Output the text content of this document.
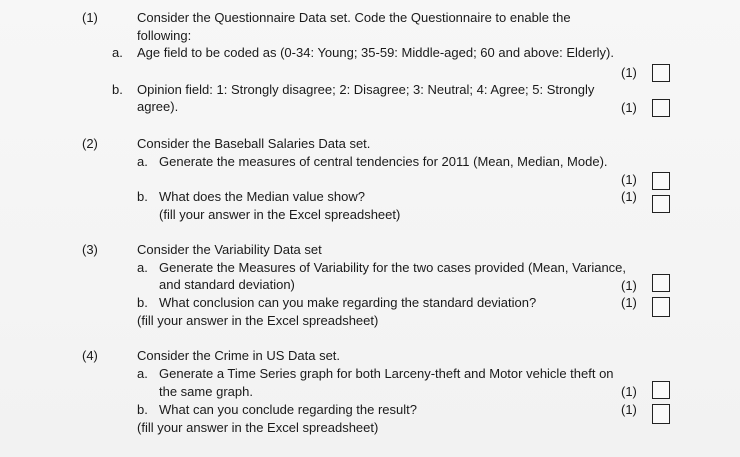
(1)	Consider the Questionnaire Data set. Code the Questionnaire to enable the
following:
a. Age field to be coded as (0-34: Young; 35-59: Middle-aged; 60 and above: Elderly).
(1)
b. Opinion field: 1: Strongly disagree; 2: Disagree; 3: Neutral; 4: Agree; 5: Strongly
agree).	(1)
(2)	Consider the Baseball Salaries Data set.
a. Generate the measures of central tendencies for 2011 (Mean, Median, Mode).
(1)
b. What does the Median value show?
(fill your answer in the Excel spreadsheet)
(1)
(3)	Consider the Variability Data set
a. Generate the Measures of Variability for the two cases provided (Mean, Variance,
and standard deviation)	(1)
b. What conclusion can you make regarding the standard deviation?	(1)
(fill your answer in the Excel spreadsheet)
(4)	Consider the Crime in US Data set.
a. Generate a Time Series graph for both Larceny-theft and Motor vehicle theft on
the same graph.	(1)
b. What can you conclude regarding the result?	(1)
(fill your answer in the Excel spreadsheet)
